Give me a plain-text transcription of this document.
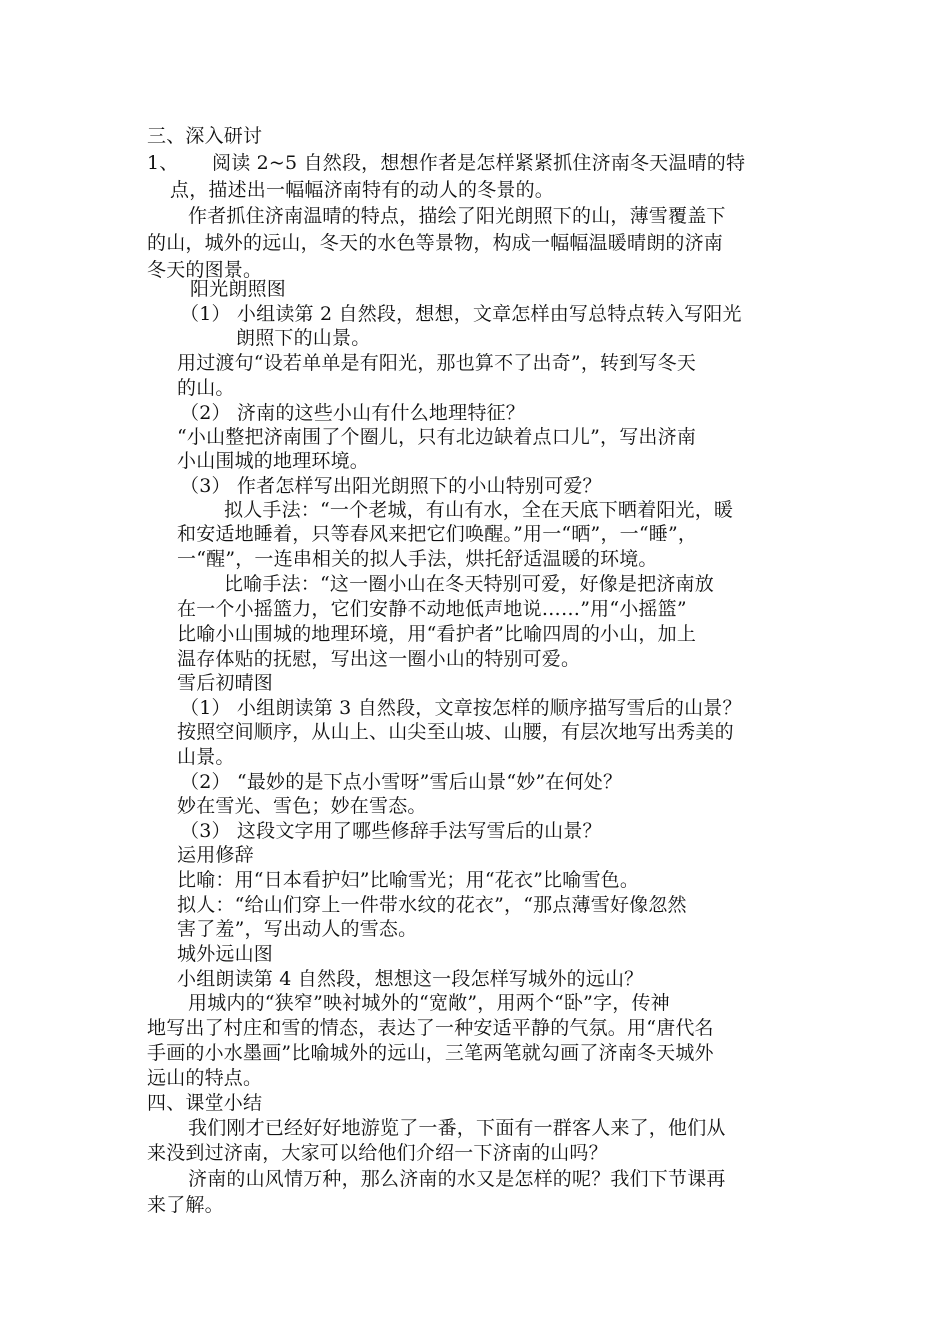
三、深入研讨
1、 阅读 2~5 自然段，想想作者是怎样紧紧抓住济南冬天温晴的特
点，描述出一幅幅济南特有的动人的冬景的。
作者抓住济南温晴的特点，描绘了阳光朗照下的山，薄雪覆盖下
的山，城外的远山，冬天的水色等景物，构成一幅幅温暖晴朗的济南
冬天的图景。
阳光朗照图
（1） 小组读第 2 自然段，想想，文章怎样由写总特点转入写阳光
朗照下的山景。
用过渡句“设若单单是有阳光，那也算不了出奇”，转到写冬天
的山。
（2） 济南的这些小山有什么地理特征？
“小山整把济南围了个圈儿，只有北边缺着点口儿”，写出济南
小山围城的地理环境。
（3） 作者怎样写出阳光朗照下的小山特别可爱？
拟人手法：“一个老城，有山有水，全在天底下晒着阳光，暖
和安适地睡着，只等春风来把它们唤醒。”用一“晒”，一“睡”，
一“醒”，一连串相关的拟人手法，烘托舒适温暖的环境。
比喻手法：“这一圈小山在冬天特别可爱，好像是把济南放
在一个小摇篮力，它们安静不动地低声地说……”用“小摇篮”
比喻小山围城的地理环境，用“看护者”比喻四周的小山，加上
温存体贴的抚慰，写出这一圈小山的特别可爱。
雪后初晴图
（1） 小组朗读第 3 自然段，文章按怎样的顺序描写雪后的山景？
按照空间顺序，从山上、山尖至山坡、山腰，有层次地写出秀美的
山景。
（2） “最妙的是下点小雪呀”雪后山景“妙”在何处？
妙在雪光、雪色；妙在雪态。
（3） 这段文字用了哪些修辞手法写雪后的山景？
运用修辞
比喻：用“日本看护妇”比喻雪光；用“花衣”比喻雪色。
拟人：“给山们穿上一件带水纹的花衣”，“那点薄雪好像忽然
害了羞”，写出动人的雪态。
城外远山图
小组朗读第 4 自然段，想想这一段怎样写城外的远山？
用城内的“狭窄”映衬城外的“宽敞”，用两个“卧”字，传神
地写出了村庄和雪的情态，表达了一种安适平静的气氛。用“唐代名
手画的小水墨画”比喻城外的远山，三笔两笔就勾画了济南冬天城外
远山的特点。
四、课堂小结
我们刚才已经好好地游览了一番，下面有一群客人来了，他们从
来没到过济南，大家可以给他们介绍一下济南的山吗？
济南的山风情万种，那么济南的水又是怎样的呢？我们下节课再
来了解。
